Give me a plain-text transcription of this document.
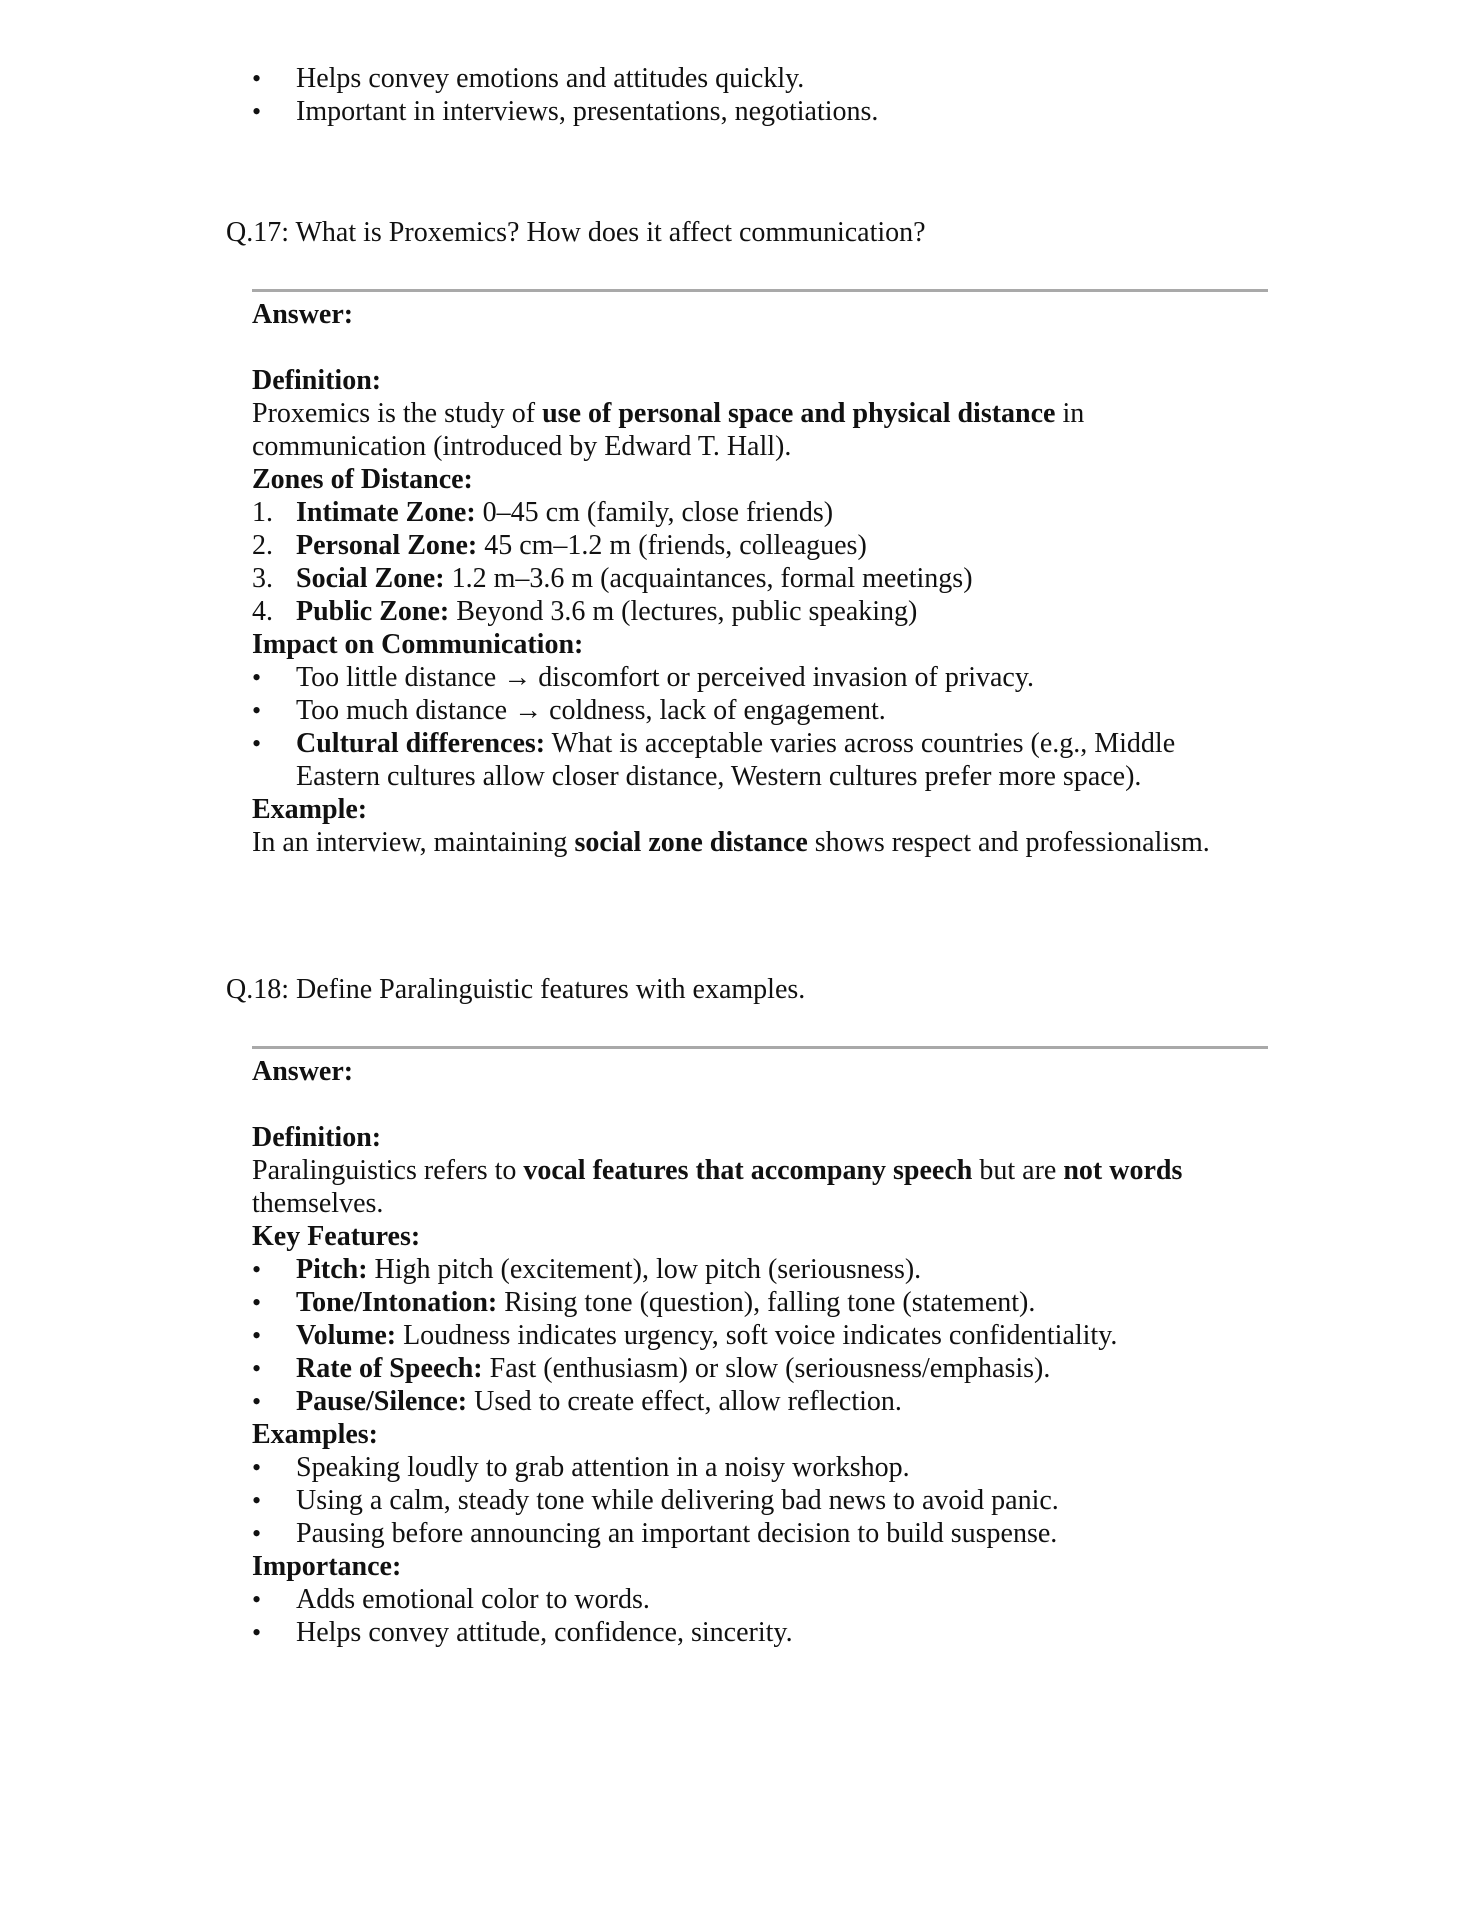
• Helps convey emotions and attitudes quickly.
• Important in interviews, presentations, negotiations.
Q.17: What is Proxemics? How does it affect communication?
Answer:
Definition:
Proxemics is the study of use of personal space and physical distance in
communication (introduced by Edward T. Hall).
Zones of Distance:
1. Intimate Zone: 0–45 cm (family, close friends)
2. Personal Zone: 45 cm–1.2 m (friends, colleagues)
3. Social Zone: 1.2 m–3.6 m (acquaintances, formal meetings)
4. Public Zone: Beyond 3.6 m (lectures, public speaking)
Impact on Communication:
• Too little distance → discomfort or perceived invasion of privacy.
• Too much distance → coldness, lack of engagement.
• Cultural differences: What is acceptable varies across countries (e.g., Middle
Eastern cultures allow closer distance, Western cultures prefer more space).
Example:
In an interview, maintaining social zone distance shows respect and professionalism.
Q.18: Define Paralinguistic features with examples.
Answer:
Definition:
Paralinguistics refers to vocal features that accompany speech but are not words
themselves.
Key Features:
• Pitch: High pitch (excitement), low pitch (seriousness).
• Tone/Intonation: Rising tone (question), falling tone (statement).
• Volume: Loudness indicates urgency, soft voice indicates confidentiality.
• Rate of Speech: Fast (enthusiasm) or slow (seriousness/emphasis).
• Pause/Silence: Used to create effect, allow reflection.
Examples:
• Speaking loudly to grab attention in a noisy workshop.
• Using a calm, steady tone while delivering bad news to avoid panic.
• Pausing before announcing an important decision to build suspense.
Importance:
• Adds emotional color to words.
• Helps convey attitude, confidence, sincerity.
